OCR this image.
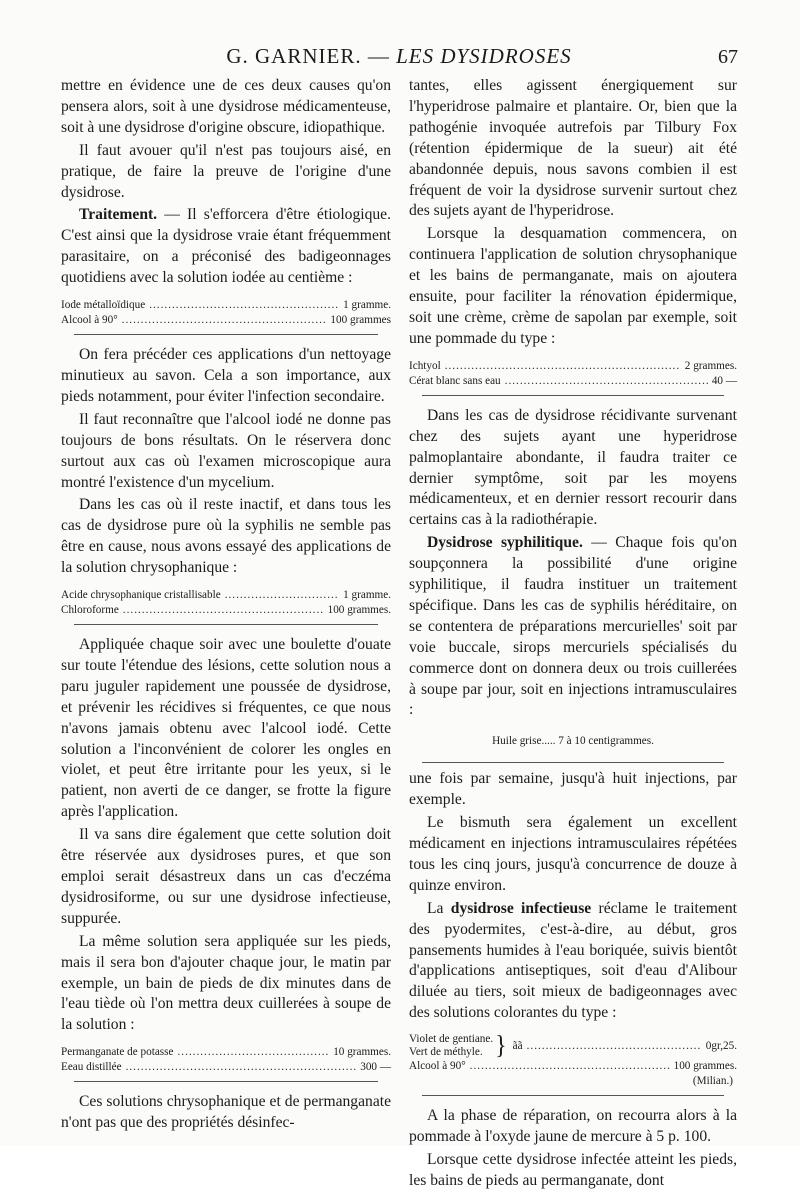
G. GARNIER. — LES DYSIDROSES	67

mettre en évidence une de ces deux causes qu'on pensera alors, soit à une dysidrose médicamenteuse, soit à une dysidrose d'origine obscure, idiopathique.

Il faut avouer qu'il n'est pas toujours aisé, en pratique, de faire la preuve de l'origine d'une dysidrose.

Traitement. — Il s'efforcera d'être étiologique. C'est ainsi que la dysidrose vraie étant fréquemment parasitaire, on a préconisé des badigeonnages quotidiens avec la solution iodée au centième :

Iode métalloïdique .....	1 gramme.
Alcool à 90° .....	100 grammes

On fera précéder ces applications d'un nettoyage minutieux au savon. Cela a son importance, aux pieds notamment, pour éviter l'infection secondaire.

Il faut reconnaître que l'alcool iodé ne donne pas toujours de bons résultats. On le réservera donc surtout aux cas où l'examen microscopique aura montré l'existence d'un mycelium.

Dans les cas où il reste inactif, et dans tous les cas de dysidrose pure où la syphilis ne semble pas être en cause, nous avons essayé des applications de la solution chrysophanique :

Acide chrysophanique cristallisable .....	1 gramme.
Chloroforme .....	100 grammes.

Appliquée chaque soir avec une boulette d'ouate sur toute l'étendue des lésions, cette solution nous a paru juguler rapidement une poussée de dysidrose, et prévenir les récidives si fréquentes, ce que nous n'avons jamais obtenu avec l'alcool iodé. Cette solution a l'inconvénient de colorer les ongles en violet, et peut être irritante pour les yeux, si le patient, non averti de ce danger, se frotte la figure après l'application.

Il va sans dire également que cette solution doit être réservée aux dysidroses pures, et que son emploi serait désastreux dans un cas d'eczéma dysidrosiforme, ou sur une dysidrose infectieuse, suppurée.

La même solution sera appliquée sur les pieds, mais il sera bon d'ajouter chaque jour, le matin par exemple, un bain de pieds de dix minutes dans de l'eau tiède où l'on mettra deux cuillerées à soupe de la solution :

Permanganate de potasse .....	10 grammes.
Eeau distillée .....	300 —

Ces solutions chrysophanique et de permanganate n'ont pas que des propriétés désinfec-

tantes, elles agissent énergiquement sur l'hyperidrose palmaire et plantaire. Or, bien que la pathogénie invoquée autrefois par Tilbury Fox (rétention épidermique de la sueur) ait été abandonnée depuis, nous savons combien il est fréquent de voir la dysidrose survenir surtout chez des sujets ayant de l'hyperidrose.

Lorsque la desquamation commencera, on continuera l'application de solution chrysophanique et les bains de permanganate, mais on ajoutera ensuite, pour faciliter la rénovation épidermique, soit une crème, crème de sapolan par exemple, soit une pommade du type :

Ichtyol .....	2 grammes.
Cérat blanc sans eau .....	40 —

Dans les cas de dysidrose récidivante survenant chez des sujets ayant une hyperidrose palmoplantaire abondante, il faudra traiter ce dernier symptôme, soit par les moyens médicamenteux, et en dernier ressort recourir dans certains cas à la radiothérapie.

Dysidrose syphilitique. — Chaque fois qu'on soupçonnera la possibilité d'une origine syphilitique, il faudra instituer un traitement spécifique. Dans les cas de syphilis héréditaire, on se contentera de préparations mercurielles' soit par voie buccale, sirops mercuriels spécialisés du commerce dont on donnera deux ou trois cuillerées à soupe par jour, soit en injections intramusculaires :

Huile grise..... 7 à 10 centigrammes.

une fois par semaine, jusqu'à huit injections, par exemple.

Le bismuth sera également un excellent médicament en injections intramusculaires répétées tous les cinq jours, jusqu'à concurrence de douze à quinze environ.

La dysidrose infectieuse réclame le traitement des pyodermites, c'est-à-dire, au début, gros pansements humides à l'eau boriquée, suivis bientôt d'applications antiseptiques, soit d'eau d'Alibour diluée au tiers, soit mieux de badigeonnages avec des solutions colorantes du type :

Violet de gentiane.
Vert de méthyle. } ãã .....	0gr,25.
Alcool à 90° .....	100 grammes.
(Milian.)

A la phase de réparation, on recourra alors à la pommade à l'oxyde jaune de mercure à 5 p. 100.

Lorsque cette dysidrose infectée atteint les pieds, les bains de pieds au permanganate, dont
